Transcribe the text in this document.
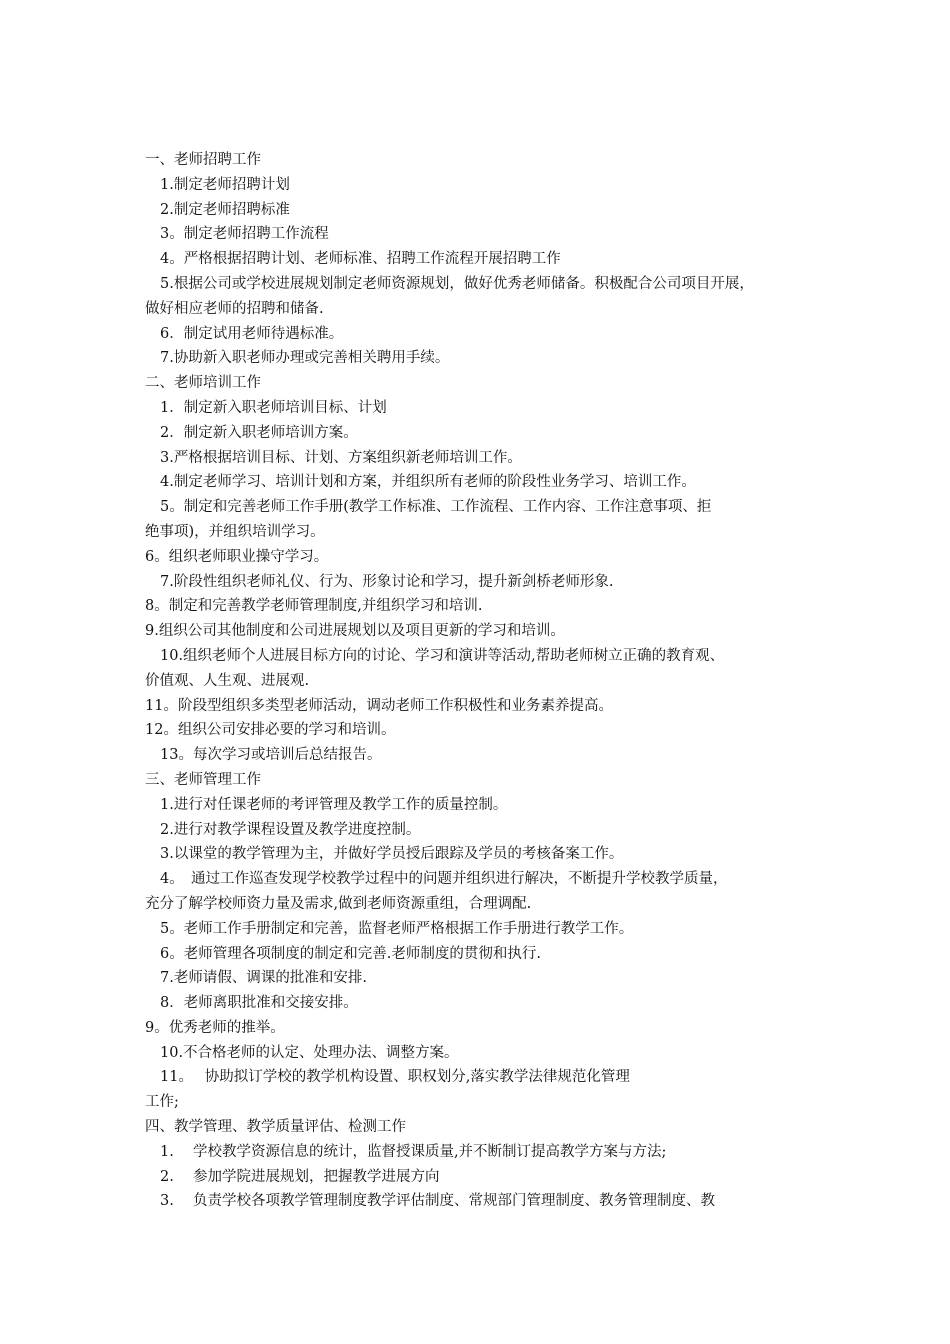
一、老师招聘工作
1.制定老师招聘计划
2.制定老师招聘标准
3。制定老师招聘工作流程
4。严格根据招聘计划、老师标准、招聘工作流程开展招聘工作
5.根据公司或学校进展规划制定老师资源规划，做好优秀老师储备。积极配合公司项目开展，
做好相应老师的招聘和储备.
6．制定试用老师待遇标准。
7.协助新入职老师办理或完善相关聘用手续。
二、老师培训工作
1．制定新入职老师培训目标、计划
2．制定新入职老师培训方案。
3.严格根据培训目标、计划、方案组织新老师培训工作。
4.制定老师学习、培训计划和方案，并组织所有老师的阶段性业务学习、培训工作。
5。制定和完善老师工作手册(教学工作标准、工作流程、工作内容、工作注意事项、拒
绝事项)，并组织培训学习。
6。组织老师职业操守学习。
7.阶段性组织老师礼仪、行为、形象讨论和学习，提升新剑桥老师形象.
8。制定和完善教学老师管理制度,并组织学习和培训.
9.组织公司其他制度和公司进展规划以及项目更新的学习和培训。
10.组织老师个人进展目标方向的讨论、学习和演讲等活动,帮助老师树立正确的教育观、
价值观、人生观、进展观.
11。阶段型组织多类型老师活动，调动老师工作积极性和业务素养提高。
12。组织公司安排必要的学习和培训。
13。每次学习或培训后总结报告。
三、老师管理工作
1.进行对任课老师的考评管理及教学工作的质量控制。
2.进行对教学课程设置及教学进度控制。
3.以课堂的教学管理为主，并做好学员授后跟踪及学员的考核备案工作。
4。　通过工作巡查发现学校教学过程中的问题并组织进行解决，不断提升学校教学质量，
充分了解学校师资力量及需求,做到老师资源重组，合理调配.
5。老师工作手册制定和完善，监督老师严格根据工作手册进行教学工作。
6。老师管理各项制度的制定和完善.老师制度的贯彻和执行.
7.老师请假、调课的批准和安排.
8．老师离职批准和交接安排。
9。优秀老师的推举。
10.不合格老师的认定、处理办法、调整方案。
11。　 协助拟订学校的教学机构设置、职权划分,落实教学法律规范化管理
工作;
四、教学管理、教学质量评估、检测工作
1.　 学校教学资源信息的统计，监督授课质量,并不断制订提高教学方案与方法;
2.　 参加学院进展规划，把握教学进展方向
3.　 负责学校各项教学管理制度教学评估制度、常规部门管理制度、教务管理制度、教
